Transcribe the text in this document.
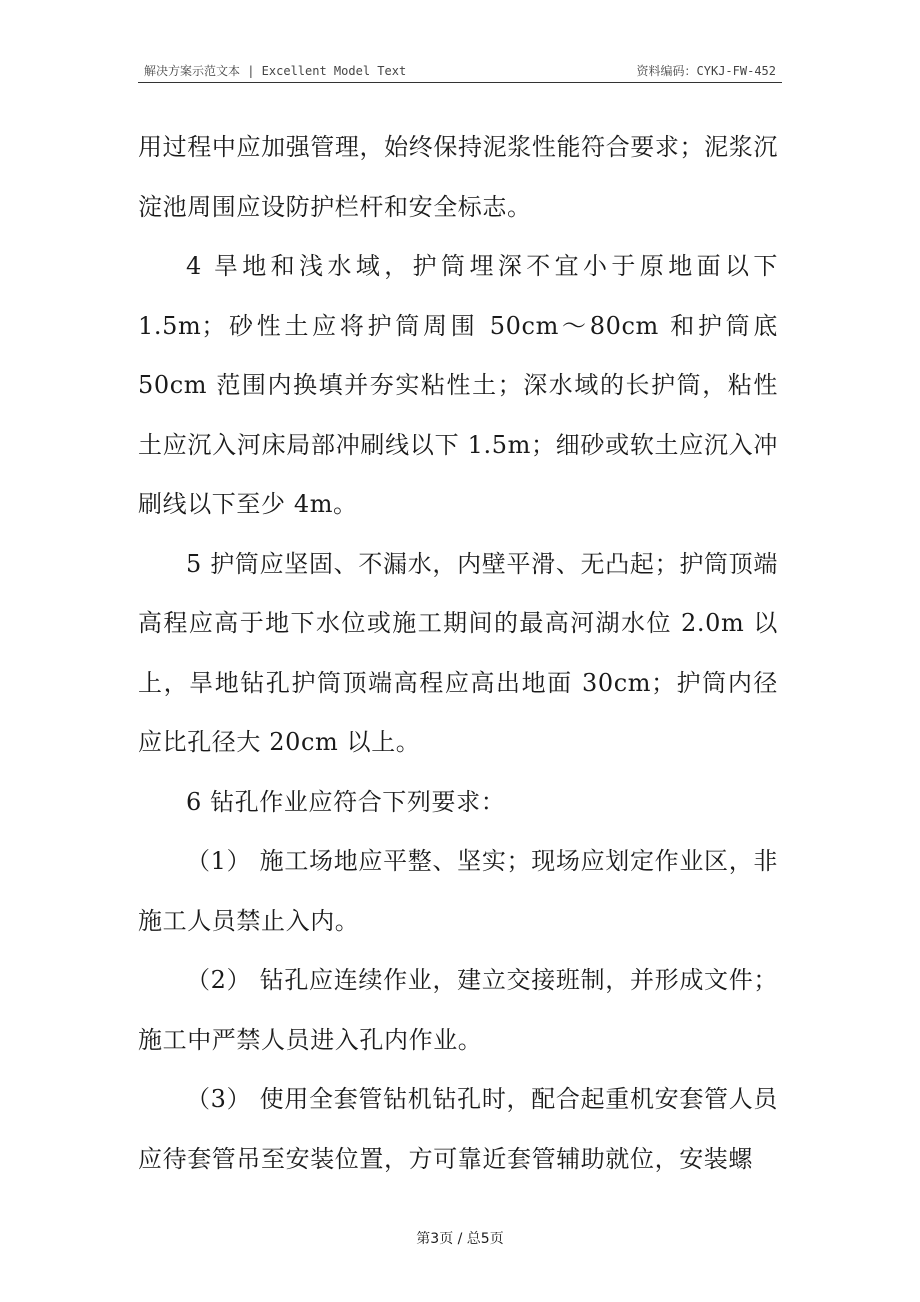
解决方案示范文本 | Excellent Model Text	资料编码：CYKJ-FW-452

用过程中应加强管理，始终保持泥浆性能符合要求；泥浆沉淀池周围应设防护栏杆和安全标志。

4 旱地和浅水域，护筒埋深不宜小于原地面以下 1.5m；砂性土应将护筒周围 50cm～80cm 和护筒底50cm 范围内换填并夯实粘性土；深水域的长护筒，粘性土应沉入河床局部冲刷线以下 1.5m；细砂或软土应沉入冲刷线以下至少 4m。

5 护筒应坚固、不漏水，内壁平滑、无凸起；护筒顶端高程应高于地下水位或施工期间的最高河湖水位 2.0m 以上，旱地钻孔护筒顶端高程应高出地面 30cm；护筒内径应比孔径大 20cm 以上。

6 钻孔作业应符合下列要求：

（1） 施工场地应平整、坚实；现场应划定作业区，非施工人员禁止入内。

（2） 钻孔应连续作业，建立交接班制，并形成文件；施工中严禁人员进入孔内作业。

（3） 使用全套管钻机钻孔时，配合起重机安套管人员应待套管吊至安装位置，方可靠近套管辅助就位，安装螺

第3页 / 总5页
